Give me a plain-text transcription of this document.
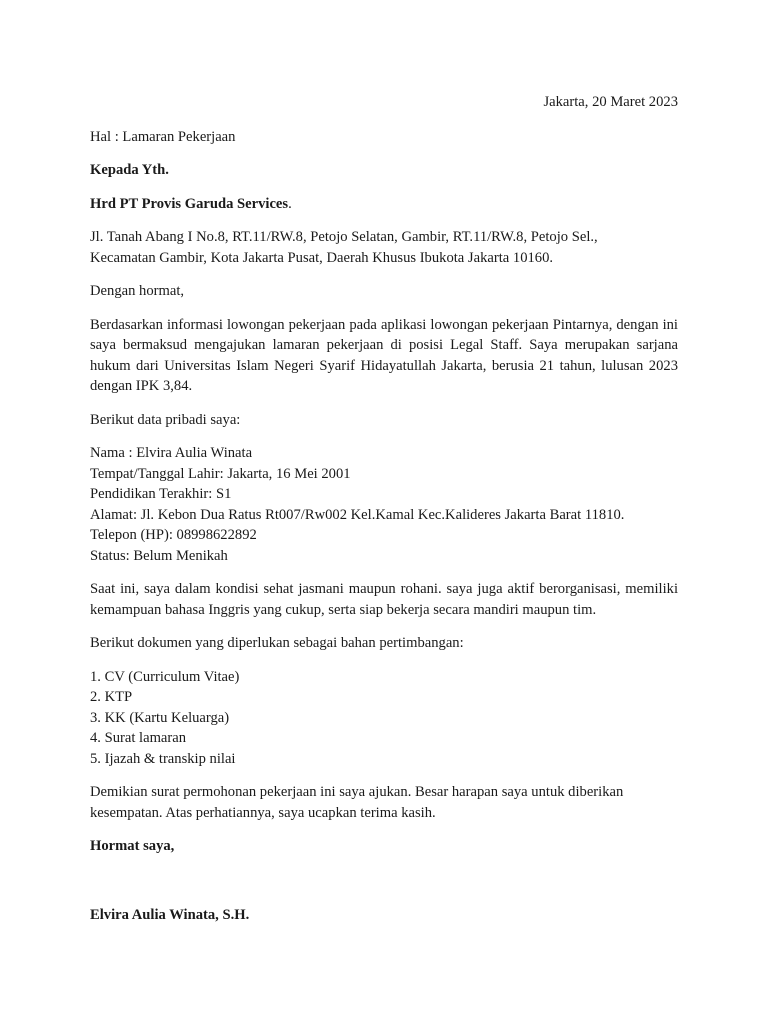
Jakarta, 20 Maret 2023

Hal : Lamaran Pekerjaan

Kepada Yth.

Hrd PT Provis Garuda Services.

Jl. Tanah Abang I No.8, RT.11/RW.8, Petojo Selatan, Gambir, RT.11/RW.8, Petojo Sel.,
Kecamatan Gambir, Kota Jakarta Pusat, Daerah Khusus Ibukota Jakarta 10160.

Dengan hormat,

Berdasarkan informasi lowongan pekerjaan pada aplikasi lowongan pekerjaan Pintarnya, dengan ini saya bermaksud mengajukan lamaran pekerjaan di posisi Legal Staff. Saya merupakan sarjana hukum dari Universitas Islam Negeri Syarif Hidayatullah Jakarta, berusia 21 tahun, lulusan 2023 dengan IPK 3,84.

Berikut data pribadi saya:

Nama : Elvira Aulia Winata
Tempat/Tanggal Lahir: Jakarta, 16 Mei 2001
Pendidikan Terakhir: S1
Alamat: Jl. Kebon Dua Ratus Rt007/Rw002 Kel.Kamal Kec.Kalideres Jakarta Barat 11810.
Telepon (HP): 08998622892
Status: Belum Menikah

Saat ini, saya dalam kondisi sehat jasmani maupun rohani. saya juga aktif berorganisasi, memiliki kemampuan bahasa Inggris yang cukup, serta siap bekerja secara mandiri maupun tim.

Berikut dokumen yang diperlukan sebagai bahan pertimbangan:

1. CV (Curriculum Vitae)
2. KTP
3. KK (Kartu Keluarga)
4. Surat lamaran
5. Ijazah & transkip nilai

Demikian surat permohonan pekerjaan ini saya ajukan. Besar harapan saya untuk diberikan kesempatan. Atas perhatiannya, saya ucapkan terima kasih.

Hormat saya,

Elvira Aulia Winata, S.H.
